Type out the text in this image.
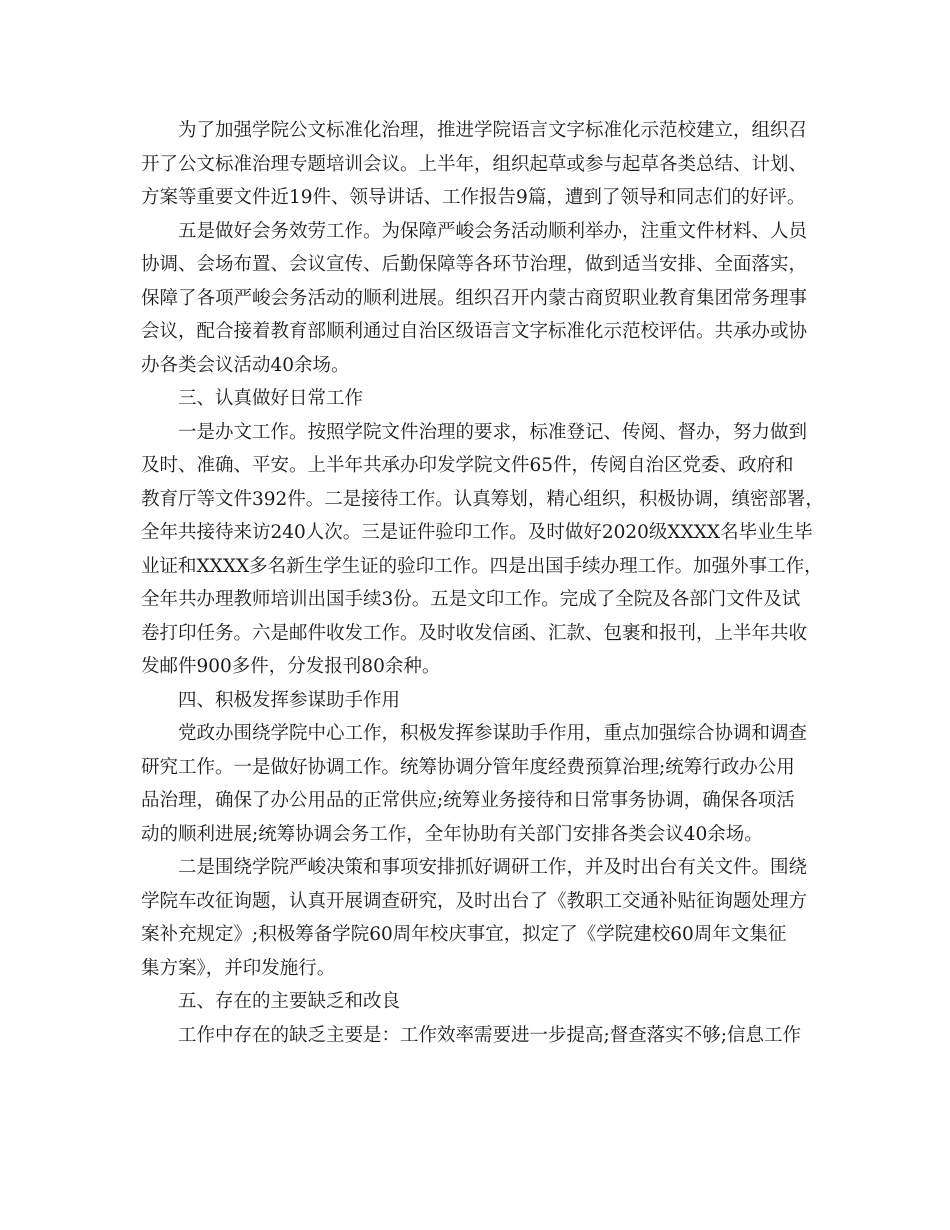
为了加强学院公文标准化治理，推进学院语言文字标准化示范校建立，组织召
开了公文标准治理专题培训会议。上半年，组织起草或参与起草各类总结、计划、
方案等重要文件近19件、领导讲话、工作报告9篇，遭到了领导和同志们的好评。
五是做好会务效劳工作。为保障严峻会务活动顺利举办，注重文件材料、人员
协调、会场布置、会议宣传、后勤保障等各环节治理，做到适当安排、全面落实，
保障了各项严峻会务活动的顺利进展。组织召开内蒙古商贸职业教育集团常务理事
会议，配合接着教育部顺利通过自治区级语言文字标准化示范校评估。共承办或协
办各类会议活动40余场。
三、认真做好日常工作
一是办文工作。按照学院文件治理的要求，标准登记、传阅、督办，努力做到
及时、准确、平安。上半年共承办印发学院文件65件，传阅自治区党委、政府和
教育厅等文件392件。二是接待工作。认真筹划，精心组织，积极协调，缜密部署，
全年共接待来访240人次。三是证件验印工作。及时做好2020级XXXX名毕业生毕
业证和XXXX多名新生学生证的验印工作。四是出国手续办理工作。加强外事工作，
全年共办理教师培训出国手续3份。五是文印工作。完成了全院及各部门文件及试
卷打印任务。六是邮件收发工作。及时收发信函、汇款、包裹和报刊，上半年共收
发邮件900多件，分发报刊80余种。
四、积极发挥参谋助手作用
党政办围绕学院中心工作，积极发挥参谋助手作用，重点加强综合协调和调查
研究工作。一是做好协调工作。统筹协调分管年度经费预算治理;统筹行政办公用
品治理，确保了办公用品的正常供应;统筹业务接待和日常事务协调，确保各项活
动的顺利进展;统筹协调会务工作，全年协助有关部门安排各类会议40余场。
二是围绕学院严峻决策和事项安排抓好调研工作，并及时出台有关文件。围绕
学院车改征询题，认真开展调查研究，及时出台了《教职工交通补贴征询题处理方
案补充规定》;积极筹备学院60周年校庆事宜，拟定了《学院建校60周年文集征
集方案》，并印发施行。
五、存在的主要缺乏和改良
工作中存在的缺乏主要是：工作效率需要进一步提高;督查落实不够;信息工作
